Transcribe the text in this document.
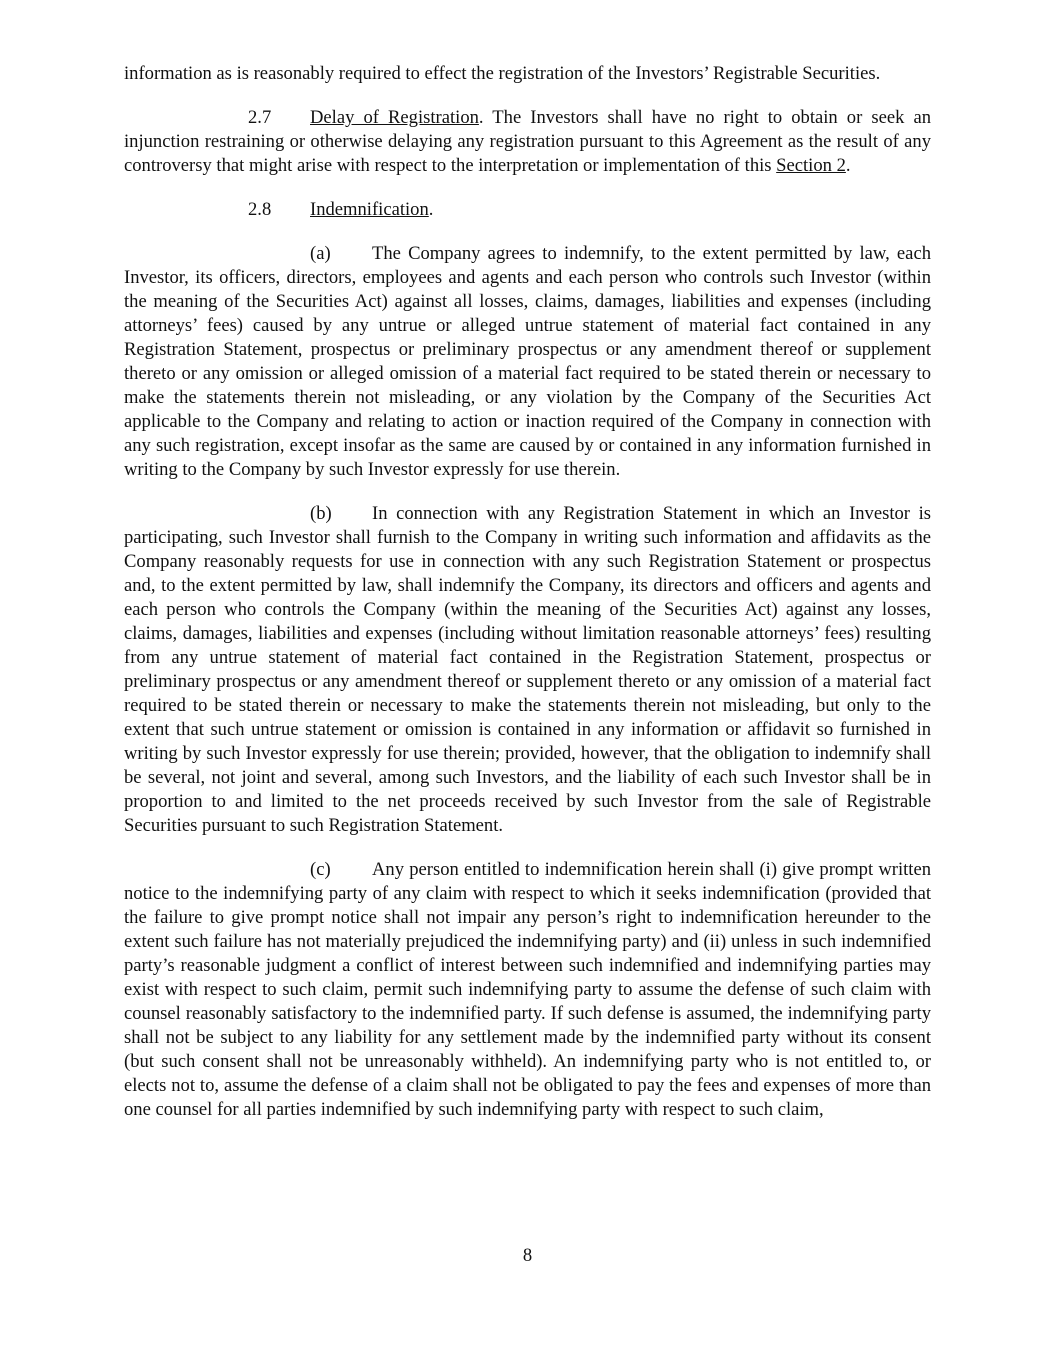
information as is reasonably required to effect the registration of the Investors’ Registrable Securities.

2.7 Delay of Registration. The Investors shall have no right to obtain or seek an injunction restraining or otherwise delaying any registration pursuant to this Agreement as the result of any controversy that might arise with respect to the interpretation or implementation of this Section 2.

2.8 Indemnification.

(a) The Company agrees to indemnify, to the extent permitted by law, each Investor, its officers, directors, employees and agents and each person who controls such Investor (within the meaning of the Securities Act) against all losses, claims, damages, liabilities and expenses (including attorneys’ fees) caused by any untrue or alleged untrue statement of material fact contained in any Registration Statement, prospectus or preliminary prospectus or any amendment thereof or supplement thereto or any omission or alleged omission of a material fact required to be stated therein or necessary to make the statements therein not misleading, or any violation by the Company of the Securities Act applicable to the Company and relating to action or inaction required of the Company in connection with any such registration, except insofar as the same are caused by or contained in any information furnished in writing to the Company by such Investor expressly for use therein.

(b) In connection with any Registration Statement in which an Investor is participating, such Investor shall furnish to the Company in writing such information and affidavits as the Company reasonably requests for use in connection with any such Registration Statement or prospectus and, to the extent permitted by law, shall indemnify the Company, its directors and officers and agents and each person who controls the Company (within the meaning of the Securities Act) against any losses, claims, damages, liabilities and expenses (including without limitation reasonable attorneys’ fees) resulting from any untrue statement of material fact contained in the Registration Statement, prospectus or preliminary prospectus or any amendment thereof or supplement thereto or any omission of a material fact required to be stated therein or necessary to make the statements therein not misleading, but only to the extent that such untrue statement or omission is contained in any information or affidavit so furnished in writing by such Investor expressly for use therein; provided, however, that the obligation to indemnify shall be several, not joint and several, among such Investors, and the liability of each such Investor shall be in proportion to and limited to the net proceeds received by such Investor from the sale of Registrable Securities pursuant to such Registration Statement.

(c) Any person entitled to indemnification herein shall (i) give prompt written notice to the indemnifying party of any claim with respect to which it seeks indemnification (provided that the failure to give prompt notice shall not impair any person’s right to indemnification hereunder to the extent such failure has not materially prejudiced the indemnifying party) and (ii) unless in such indemnified party’s reasonable judgment a conflict of interest between such indemnified and indemnifying parties may exist with respect to such claim, permit such indemnifying party to assume the defense of such claim with counsel reasonably satisfactory to the indemnified party. If such defense is assumed, the indemnifying party shall not be subject to any liability for any settlement made by the indemnified party without its consent (but such consent shall not be unreasonably withheld). An indemnifying party who is not entitled to, or elects not to, assume the defense of a claim shall not be obligated to pay the fees and expenses of more than one counsel for all parties indemnified by such indemnifying party with respect to such claim,

8
